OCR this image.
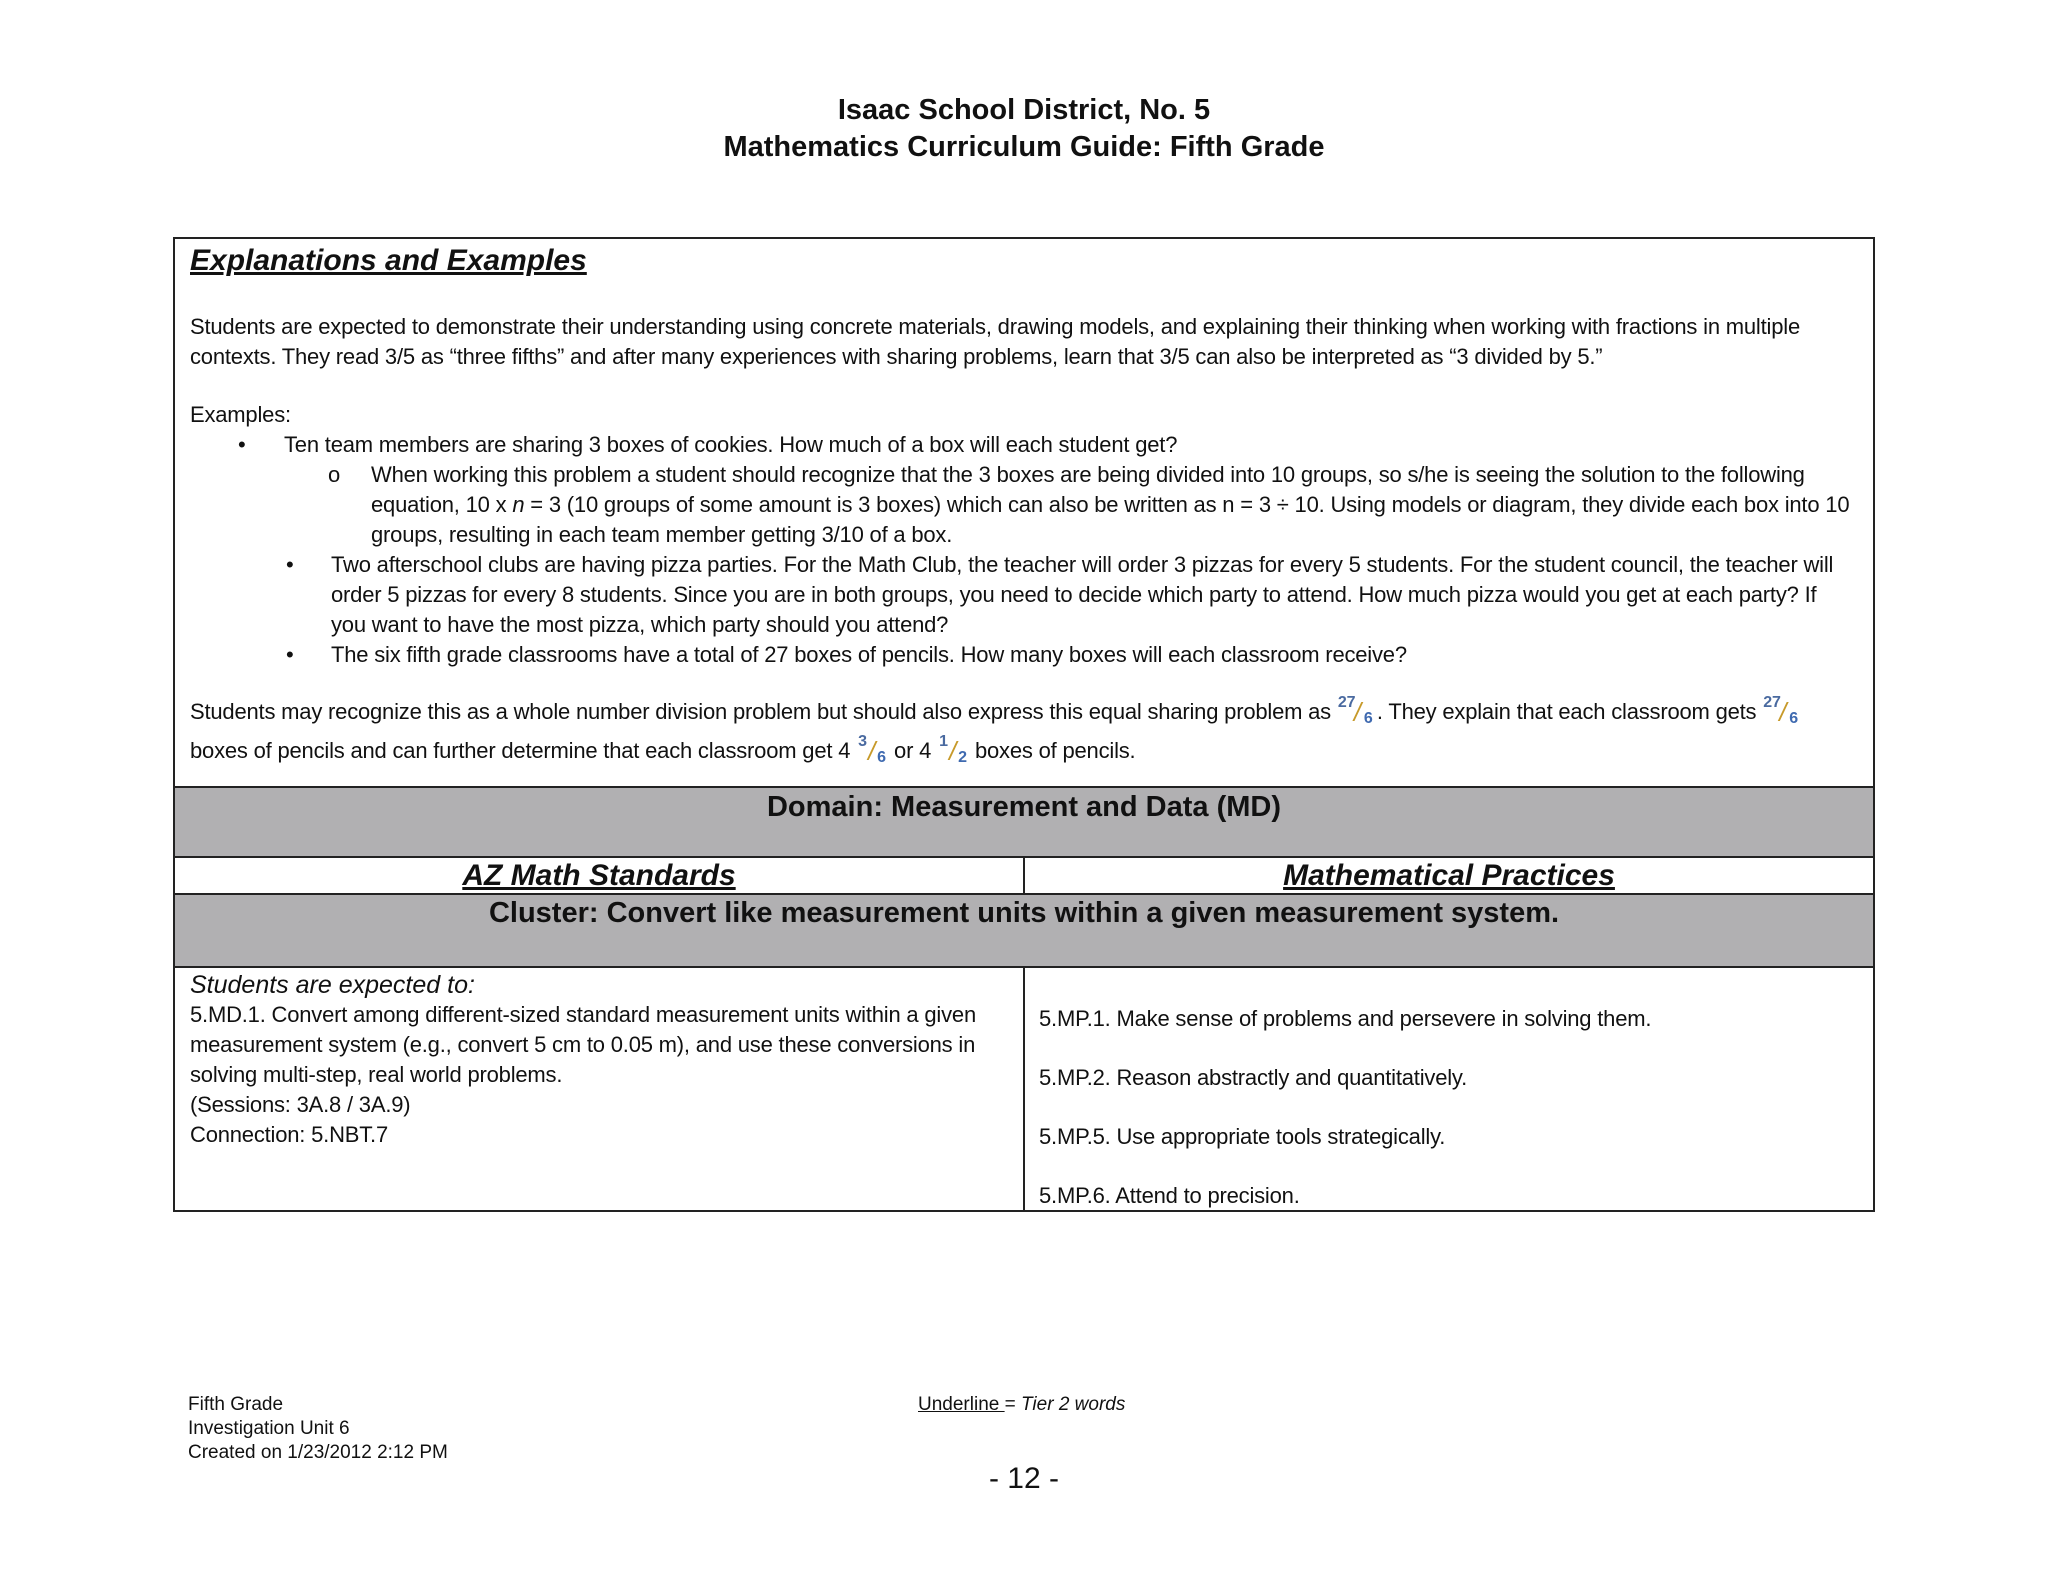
Isaac School District, No. 5
Mathematics Curriculum Guide: Fifth Grade
Explanations and Examples
Students are expected to demonstrate their understanding using concrete materials, drawing models, and explaining their thinking when working with fractions in multiple contexts. They read 3/5 as “three fifths” and after many experiences with sharing problems, learn that 3/5 can also be interpreted as “3 divided by 5.”
Examples:
• Ten team members are sharing 3 boxes of cookies. How much of a box will each student get?
o When working this problem a student should recognize that the 3 boxes are being divided into 10 groups, so s/he is seeing the solution to the following equation, 10 x n = 3 (10 groups of some amount is 3 boxes) which can also be written as n = 3 ÷ 10. Using models or diagram, they divide each box into 10 groups, resulting in each team member getting 3/10 of a box.
• Two afterschool clubs are having pizza parties. For the Math Club, the teacher will order 3 pizzas for every 5 students. For the student council, the teacher will order 5 pizzas for every 8 students. Since you are in both groups, you need to decide which party to attend. How much pizza would you get at each party? If you want to have the most pizza, which party should you attend?
• The six fifth grade classrooms have a total of 27 boxes of pencils. How many boxes will each classroom receive?
Students may recognize this as a whole number division problem but should also express this equal sharing problem as 27
/ 6 . They explain that each classroom gets 27
/ 6
boxes of pencils and can further determine that each classroom get 4 3 / 6 or 4 1 / 2 boxes of pencils.
Domain: Measurement and Data (MD)
AZ Math Standards	Mathematical Practices
Cluster: Convert like measurement units within a given measurement system.
Students are expected to:
5.MD.1. Convert among different-sized standard measurement units within a given measurement system (e.g., convert 5 cm to 0.05 m), and use these conversions in solving multi-step, real world problems.
(Sessions: 3A.8 / 3A.9)
Connection: 5.NBT.7
5.MP.1. Make sense of problems and persevere in solving them.
5.MP.2. Reason abstractly and quantitatively.
5.MP.5. Use appropriate tools strategically.
5.MP.6. Attend to precision.
Fifth Grade
Investigation Unit 6
Created on 1/23/2012 2:12 PM
Underline = Tier 2 words
- 12 -
